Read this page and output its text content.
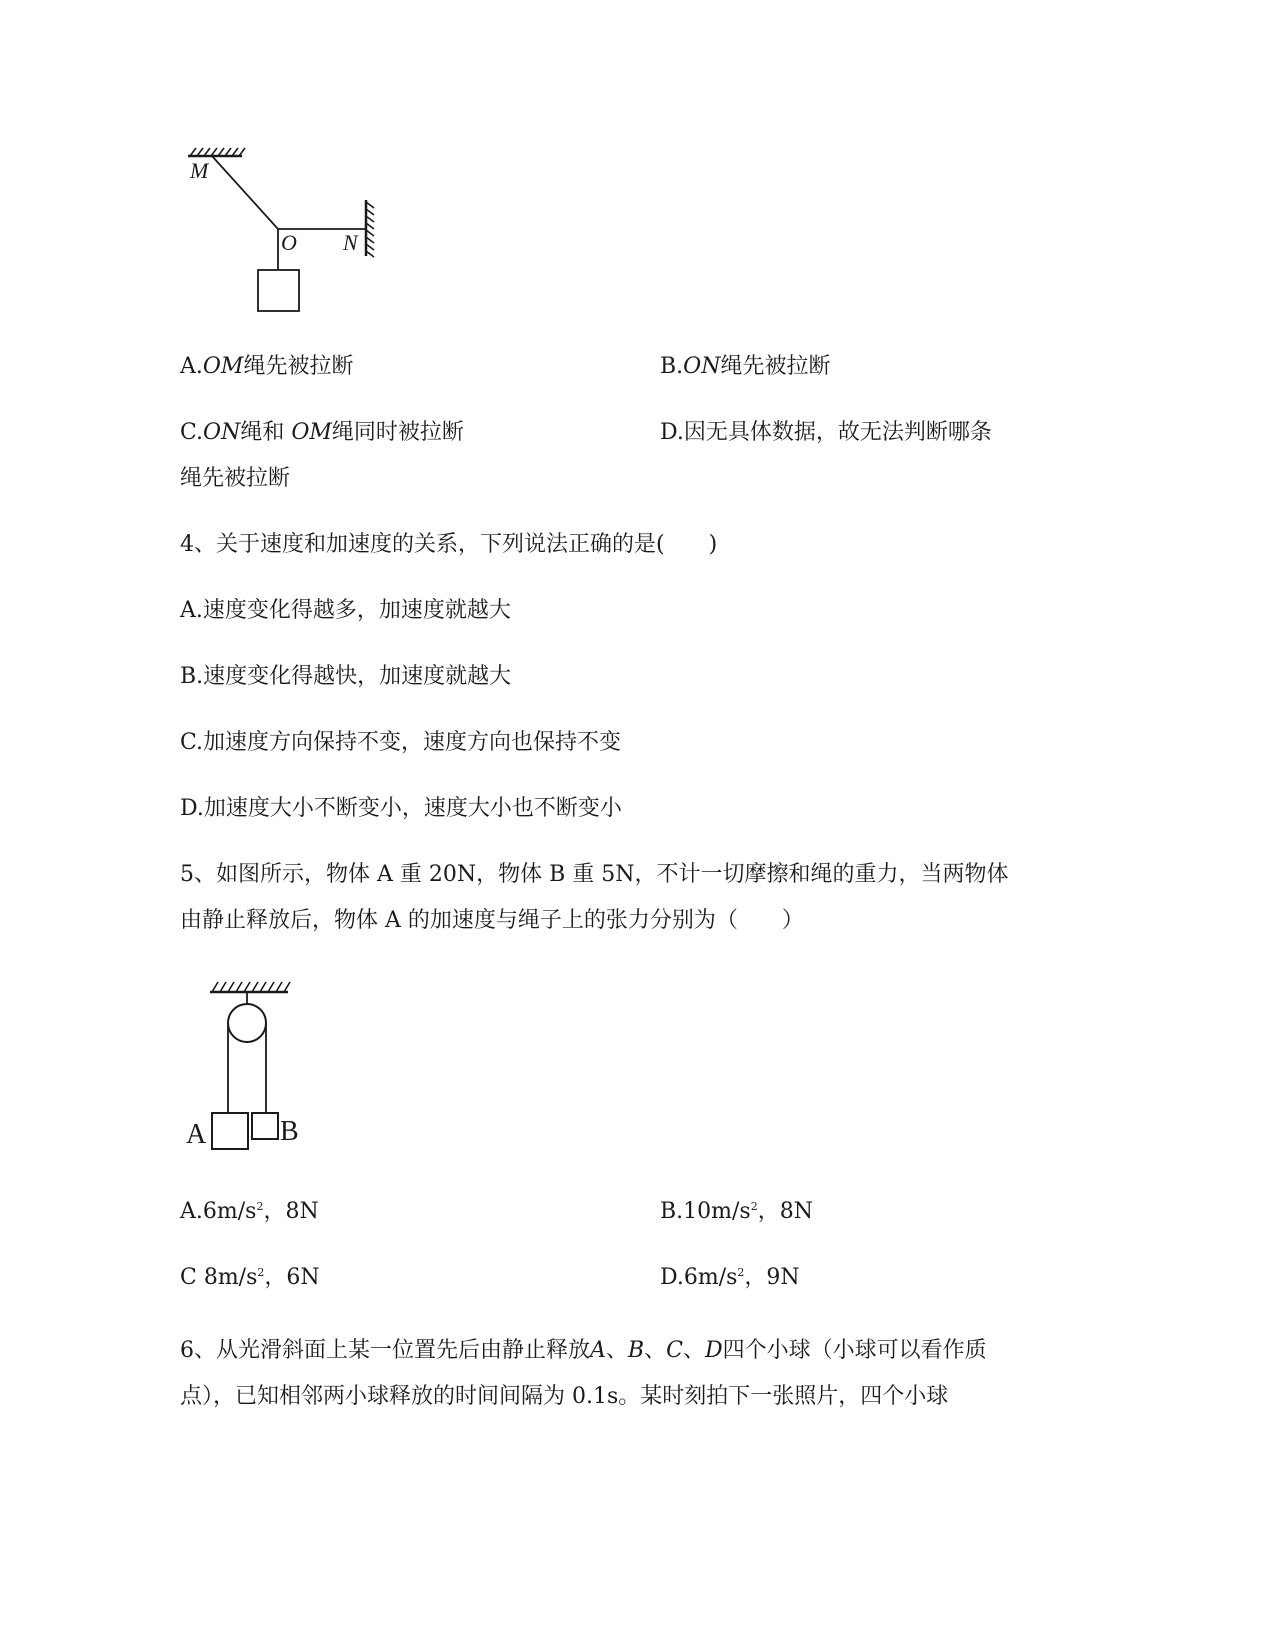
M
O N
A.OM绳先被拉断	B.ON绳先被拉断
C.ON绳和 OM绳同时被拉断	D.因无具体数据，故无法判断哪条
绳先被拉断
4、关于速度和加速度的关系，下列说法正确的是(　　)
A.速度变化得越多，加速度就越大
B.速度变化得越快，加速度就越大
C.加速度方向保持不变，速度方向也保持不变
D.加速度大小不断变小，速度大小也不断变小
5、如图所示，物体 A 重 20N，物体 B 重 5N，不计一切摩擦和绳的重力，当两物体
由静止释放后，物体 A 的加速度与绳子上的张力分别为（　　）
A	B
$A.6m/s^2$，8N	$B.10m/s^2$，8N
C $8m/s^2$，6N	$D.6m/s^2$，9N
6、从光滑斜面上某一位置先后由静止释放A、B、C、D四个小球（小球可以看作质
点），已知相邻两小球释放的时间间隔为 0.1s。某时刻拍下一张照片，四个小球
